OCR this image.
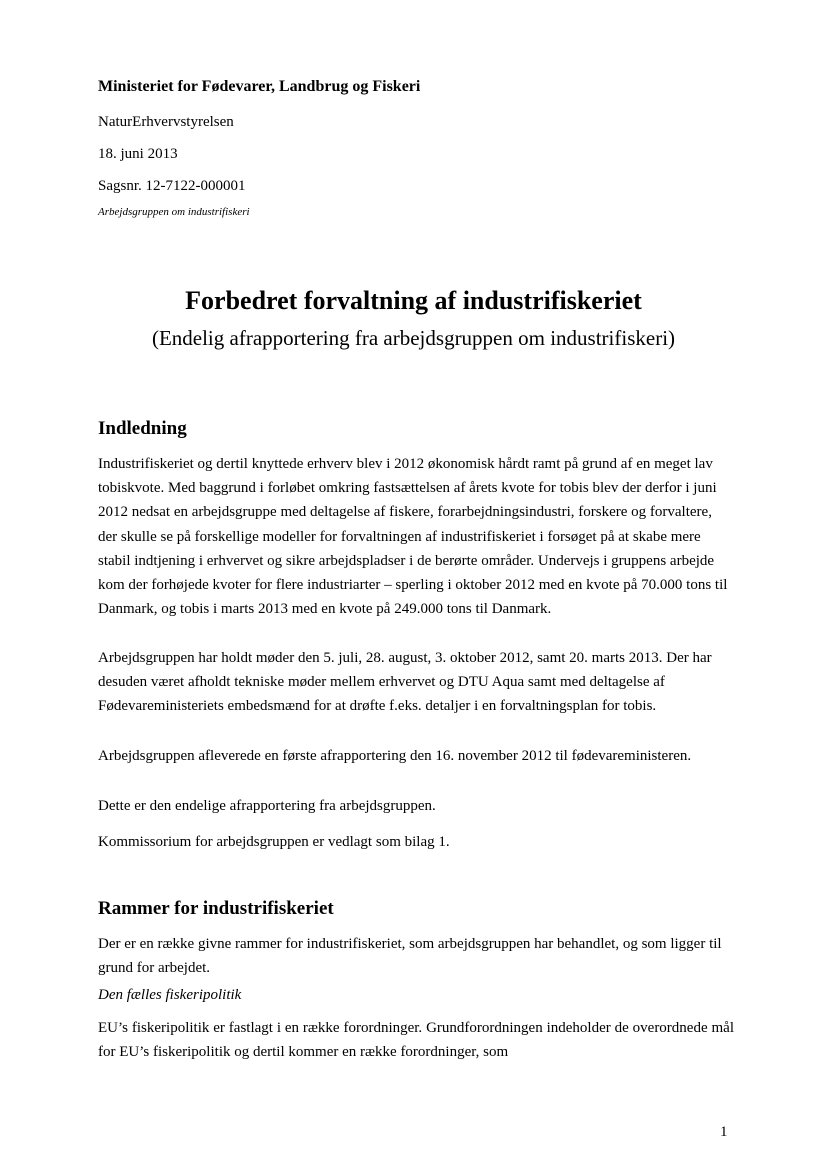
Ministeriet for Fødevarer, Landbrug og Fiskeri
NaturErhvervstyrelsen
18. juni 2013
Sagsnr. 12-7122-000001
Arbejdsgruppen om industrifiskeri
Forbedret forvaltning af industrifiskeriet
(Endelig afrapportering fra arbejdsgruppen om industrifiskeri)
Indledning

Industrifiskeriet og dertil knyttede erhverv blev i 2012 økonomisk hårdt ramt på grund af en meget lav tobiskvote. Med baggrund i forløbet omkring fastsættelsen af årets kvote for tobis blev der derfor i juni 2012 nedsat en arbejdsgruppe med deltagelse af fiskere, forarbejdningsindustri, forskere og forvaltere, der skulle se på forskellige modeller for forvaltningen af industrifiskeriet i forsøget på at skabe mere stabil indtjening i erhvervet og sikre arbejdspladser i de berørte områder. Undervejs i gruppens arbejde kom der forhøjede kvoter for flere industriarter – sperling i oktober 2012 med en kvote på 70.000 tons til Danmark, og tobis i marts 2013 med en kvote på 249.000 tons til Danmark.

Arbejdsgruppen har holdt møder den 5. juli, 28. august, 3. oktober 2012, samt 20. marts 2013. Der har desuden været afholdt tekniske møder mellem erhvervet og DTU Aqua samt med deltagelse af Fødevareministeriets embedsmænd for at drøfte f.eks. detaljer i en forvaltningsplan for tobis.

Arbejdsgruppen afleverede en første afrapportering den 16. november 2012 til fødevareministeren.

Dette er den endelige afrapportering fra arbejdsgruppen.

Kommissorium for arbejdsgruppen er vedlagt som bilag 1.

Rammer for industrifiskeriet

Der er en række givne rammer for industrifiskeriet, som arbejdsgruppen har behandlet, og som ligger til grund for arbejdet.

Den fælles fiskeripolitik

EU’s fiskeripolitik er fastlagt i en række forordninger. Grundforordningen indeholder de overordnede mål for EU’s fiskeripolitik og dertil kommer en række forordninger, som

1
